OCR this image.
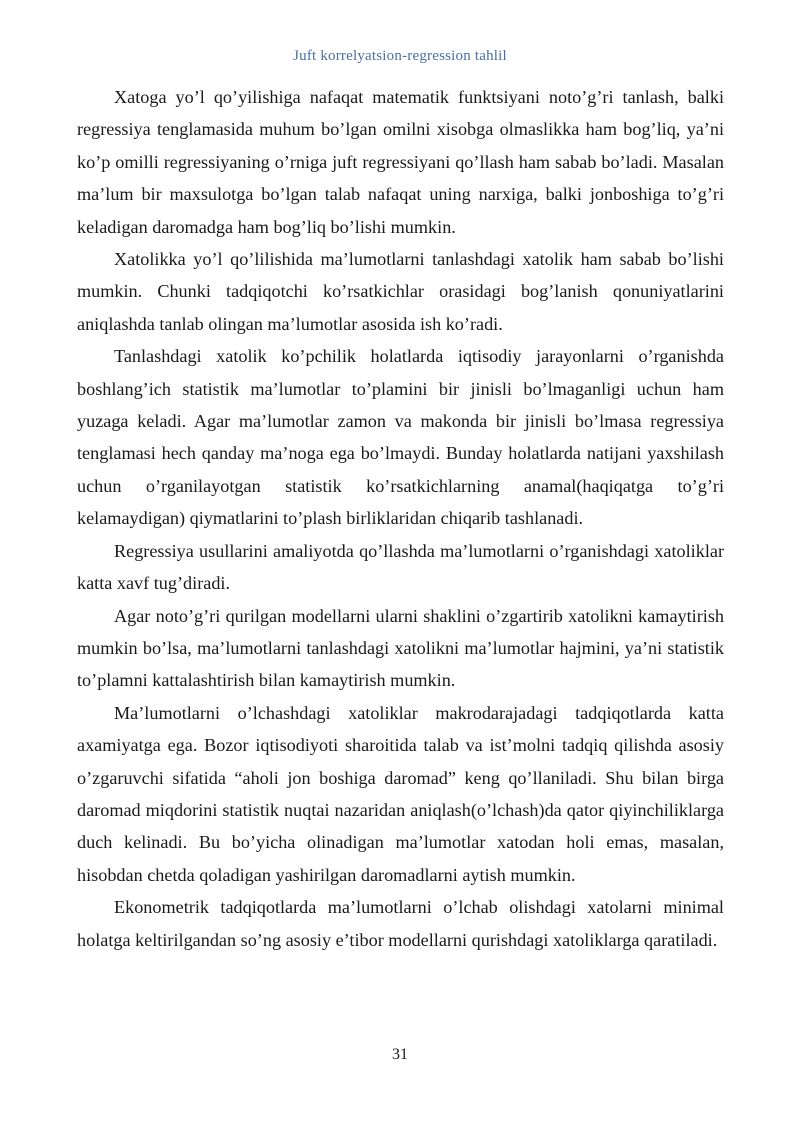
Juft korrelyatsion-regression tahlil

Xatoga yo’l qo’yilishiga nafaqat matematik funktsiyani noto’g’ri tanlash, balki regressiya tenglamasida muhum bo’lgan omilni xisobga olmaslikka ham bog’liq, ya’ni ko’p omilli regressiyaning o’rniga juft regressiyani qo’llash ham sabab bo’ladi. Masalan ma’lum bir maxsulotga bo’lgan talab nafaqat uning narxiga, balki jonboshiga to’g’ri keladigan daromadga ham bog’liq bo’lishi mumkin.

Xatolikka yo’l qo’lilishida ma’lumotlarni tanlashdagi xatolik ham sabab bo’lishi mumkin. Chunki tadqiqotchi ko’rsatkichlar orasidagi bog’lanish qonuniyatlarini aniqlashda tanlab olingan ma’lumotlar asosida ish ko’radi.

Tanlashdagi xatolik ko’pchilik holatlarda iqtisodiy jarayonlarni o’rganishda boshlang’ich statistik ma’lumotlar to’plamini bir jinisli bo’lmaganligi uchun ham yuzaga keladi. Agar ma’lumotlar zamon va makonda bir jinisli bo’lmasa regressiya tenglamasi hech qanday ma’noga ega bo’lmaydi. Bunday holatlarda natijani yaxshilash uchun o’rganilayotgan statistik ko’rsatkichlarning anamal(haqiqatga to’g’ri kelamaydigan) qiymatlarini to’plash birliklaridan chiqarib tashlanadi.

Regressiya usullarini amaliyotda qo’llashda ma’lumotlarni o’rganishdagi xatoliklar katta xavf tug’diradi.

Agar noto’g’ri qurilgan modellarni ularni shaklini o’zgartirib xatolikni kamaytirish mumkin bo’lsa, ma’lumotlarni tanlashdagi xatolikni ma’lumotlar hajmini, ya’ni statistik to’plamni kattalashtirish bilan kamaytirish mumkin.

Ma’lumotlarni o’lchashdagi xatoliklar makrodarajadagi tadqiqotlarda katta axamiyatga ega. Bozor iqtisodiyoti sharoitida talab va ist’molni tadqiq qilishda asosiy o’zgaruvchi sifatida “aholi jon boshiga daromad” keng qo’llaniladi. Shu bilan birga daromad miqdorini statistik nuqtai nazaridan aniqlash(o’lchash)da qator qiyinchiliklarga duch kelinadi. Bu bo’yicha olinadigan ma’lumotlar xatodan holi emas, masalan, hisobdan chetda qoladigan yashirilgan daromadlarni aytish mumkin.

Ekonometrik tadqiqotlarda ma’lumotlarni o’lchab olishdagi xatolarni minimal holatga keltirilgandan so’ng asosiy e’tibor modellarni qurishdagi xatoliklarga qaratiladi.

31
